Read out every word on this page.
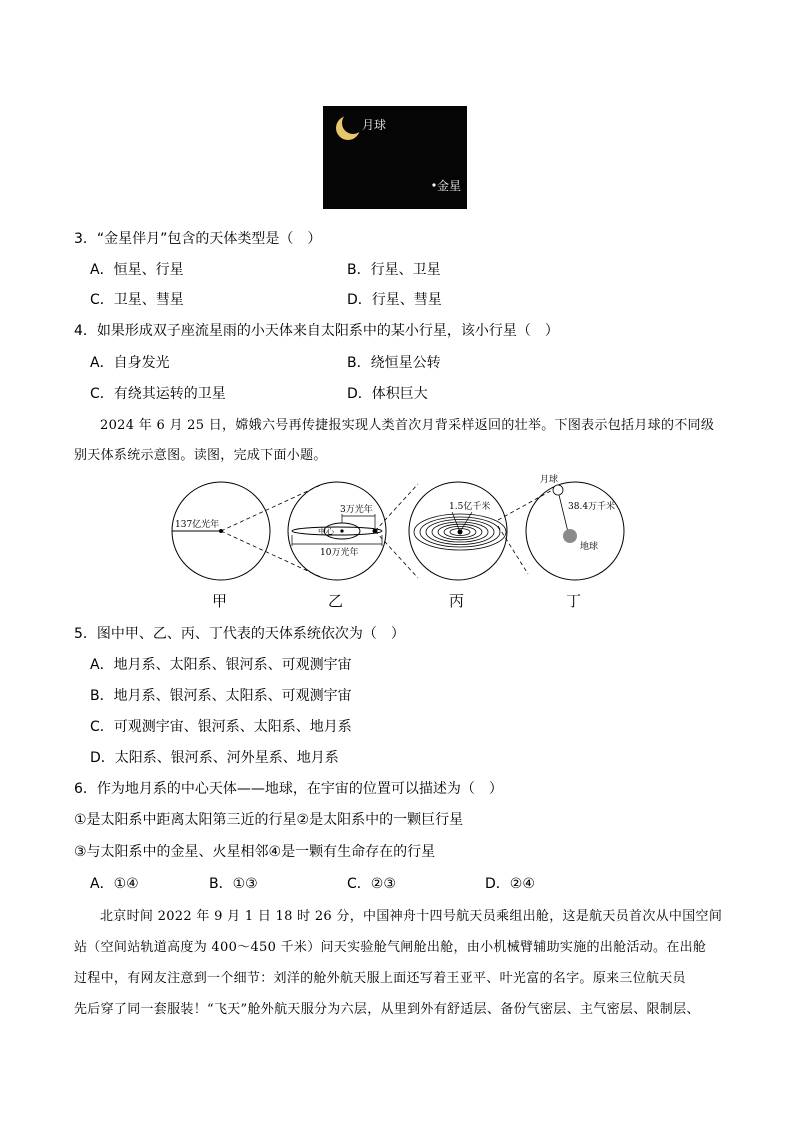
月球
金星
3．“金星伴月”包含的天体类型是（　）
A．恒星、行星	B．行星、卫星
C．卫星、彗星	D．行星、彗星
4．如果形成双子座流星雨的小天体来自太阳系中的某小行星，该小行星（　）
A．自身发光	B．绕恒星公转
C．有绕其运转的卫星	D．体积巨大
2024 年 6 月 25 日，嫦娥六号再传捷报实现人类首次月背采样返回的壮举。下图表示包括月球的不同级
别天体系统示意图。读图，完成下面小题。
137亿光年
3万光年
中心
10万光年
1.5亿千米
月球
38.4万千米
地球
甲	乙	丙	丁
5．图中甲、乙、丙、丁代表的天体系统依次为（　）
A．地月系、太阳系、银河系、可观测宇宙
B．地月系、银河系、太阳系、可观测宇宙
C．可观测宇宙、银河系、太阳系、地月系
D．太阳系、银河系、河外星系、地月系
6．作为地月系的中心天体——地球，在宇宙的位置可以描述为（　）
①是太阳系中距离太阳第三近的行星②是太阳系中的一颗巨行星
③与太阳系中的金星、火星相邻④是一颗有生命存在的行星
A．①④	B．①③	C．②③	D．②④
北京时间 2022 年 9 月 1 日 18 时 26 分，中国神舟十四号航天员乘组出舱，这是航天员首次从中国空间
站（空间站轨道高度为 400～450 千米）问天实验舱气闸舱出舱，由小机械臂辅助实施的出舱活动。在出舱
过程中，有网友注意到一个细节：刘洋的舱外航天服上面还写着王亚平、叶光富的名字。原来三位航天员
先后穿了同一套服装！“飞天”舱外航天服分为六层，从里到外有舒适层、备份气密层、主气密层、限制层、
